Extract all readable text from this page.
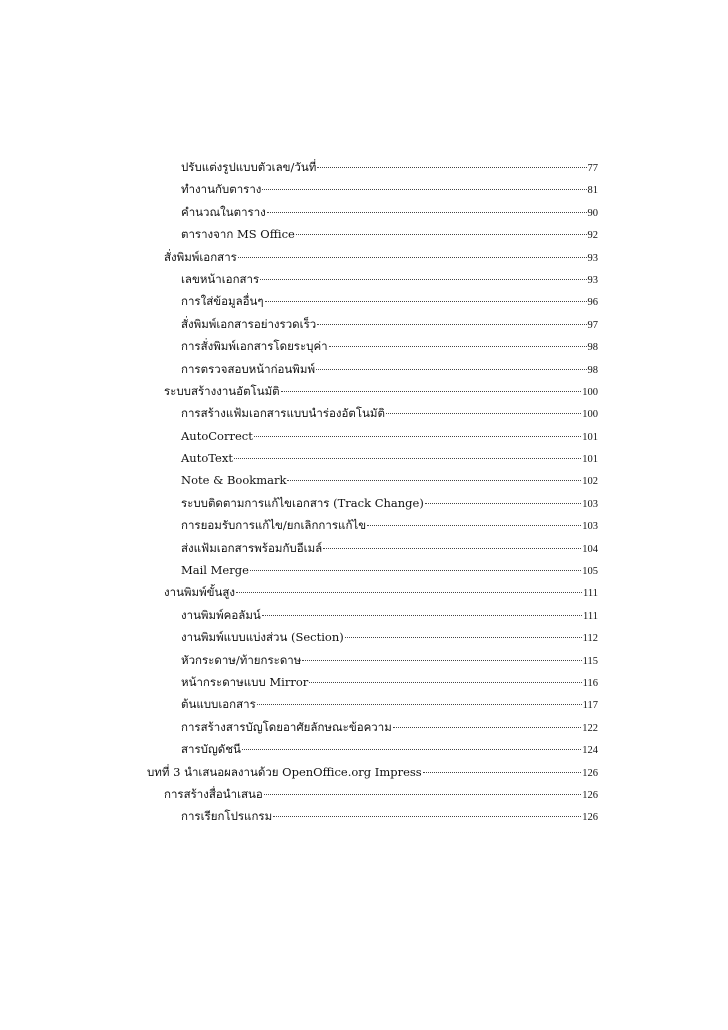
ปรับแต่งรูปแบบตัวเลข/วันที่	77
ทำงานกับตาราง	81
คำนวณในตาราง	90
ตารางจาก MS Office	92
สั่งพิมพ์เอกสาร	93
เลขหน้าเอกสาร	93
การใส่ข้อมูลอื่นๆ	96
สั่งพิมพ์เอกสารอย่างรวดเร็ว	97
การสั่งพิมพ์เอกสารโดยระบุค่า	98
การตรวจสอบหน้าก่อนพิมพ์	98
ระบบสร้างงานอัตโนมัติ	100
การสร้างแฟ้มเอกสารแบบนำร่องอัตโนมัติ	100
AutoCorrect	101
AutoText	101
Note & Bookmark	102
ระบบติดตามการแก้ไขเอกสาร (Track Change)	103
การยอมรับการแก้ไข/ยกเลิกการแก้ไข	103
ส่งแฟ้มเอกสารพร้อมกับอีเมล์	104
Mail Merge	105
งานพิมพ์ขั้นสูง	111
งานพิมพ์คอลัมน์	111
งานพิมพ์แบบแบ่งส่วน (Section)	112
หัวกระดาษ/ท้ายกระดาษ	115
หน้ากระดาษแบบ Mirror	116
ต้นแบบเอกสาร	117
การสร้างสารบัญโดยอาศัยลักษณะข้อความ	122
สารบัญดัชนี	124
บทที่ 3 นำเสนอผลงานด้วย OpenOffice.org Impress	126
การสร้างสื่อนำเสนอ	126
การเรียกโปรแกรม	126
